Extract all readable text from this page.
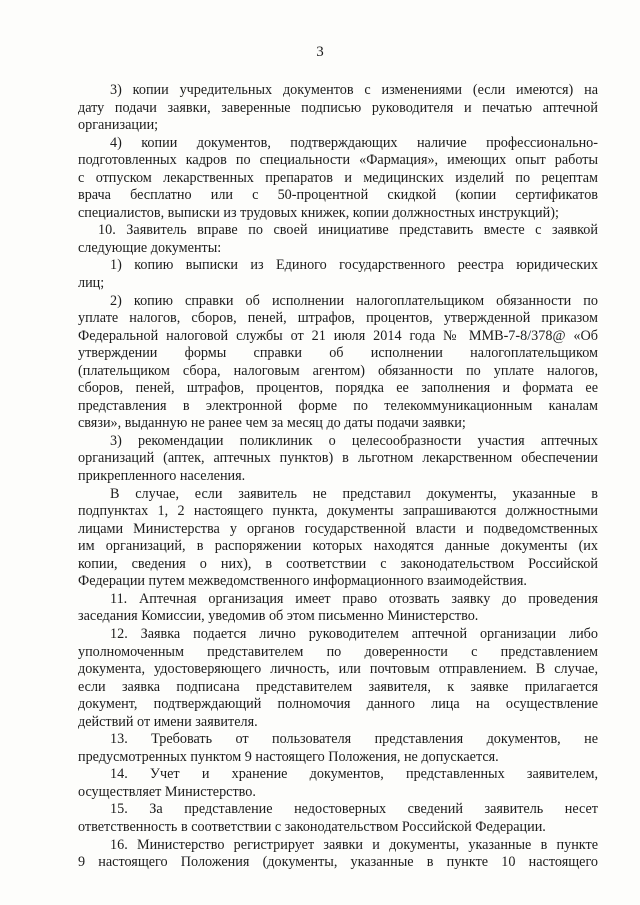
3
3) копии учредительных документов с изменениями (если имеются) на
дату подачи заявки, заверенные подписью руководителя и печатью аптечной
организации;
4) копии документов, подтверждающих наличие профессионально-
подготовленных кадров по специальности «Фармация», имеющих опыт работы
с отпуском лекарственных препаратов и медицинских изделий по рецептам
врача бесплатно или с 50-процентной скидкой (копии сертификатов
специалистов, выписки из трудовых книжек, копии должностных инструкций);
10. Заявитель вправе по своей инициативе представить вместе с заявкой
следующие документы:
1) копию выписки из Единого государственного реестра юридических
лиц;
2) копию справки об исполнении налогоплательщиком обязанности по
уплате налогов, сборов, пеней, штрафов, процентов, утвержденной приказом
Федеральной налоговой службы от 21 июля 2014 года № ММВ-7-8/378@ «Об
утверждении формы справки об исполнении налогоплательщиком
(плательщиком сбора, налоговым агентом) обязанности по уплате налогов,
сборов, пеней, штрафов, процентов, порядка ее заполнения и формата ее
представления в электронной форме по телекоммуникационным каналам
связи», выданную не ранее чем за месяц до даты подачи заявки;
3) рекомендации поликлиник о целесообразности участия аптечных
организаций (аптек, аптечных пунктов) в льготном лекарственном обеспечении
прикрепленного населения.
В случае, если заявитель не представил документы, указанные в
подпунктах 1, 2 настоящего пункта, документы запрашиваются должностными
лицами Министерства у органов государственной власти и подведомственных
им организаций, в распоряжении которых находятся данные документы (их
копии, сведения о них), в соответствии с законодательством Российской
Федерации путем межведомственного информационного взаимодействия.
11. Аптечная организация имеет право отозвать заявку до проведения
заседания Комиссии, уведомив об этом письменно Министерство.
12. Заявка подается лично руководителем аптечной организации либо
уполномоченным представителем по доверенности с представлением
документа, удостоверяющего личность, или почтовым отправлением. В случае,
если заявка подписана представителем заявителя, к заявке прилагается
документ, подтверждающий полномочия данного лица на осуществление
действий от имени заявителя.
13. Требовать от пользователя представления документов, не
предусмотренных пунктом 9 настоящего Положения, не допускается.
14. Учет и хранение документов, представленных заявителем,
осуществляет Министерство.
15. За представление недостоверных сведений заявитель несет
ответственность в соответствии с законодательством Российской Федерации.
16. Министерство регистрирует заявки и документы, указанные в пункте
9 настоящего Положения (документы, указанные в пункте 10 настоящего
